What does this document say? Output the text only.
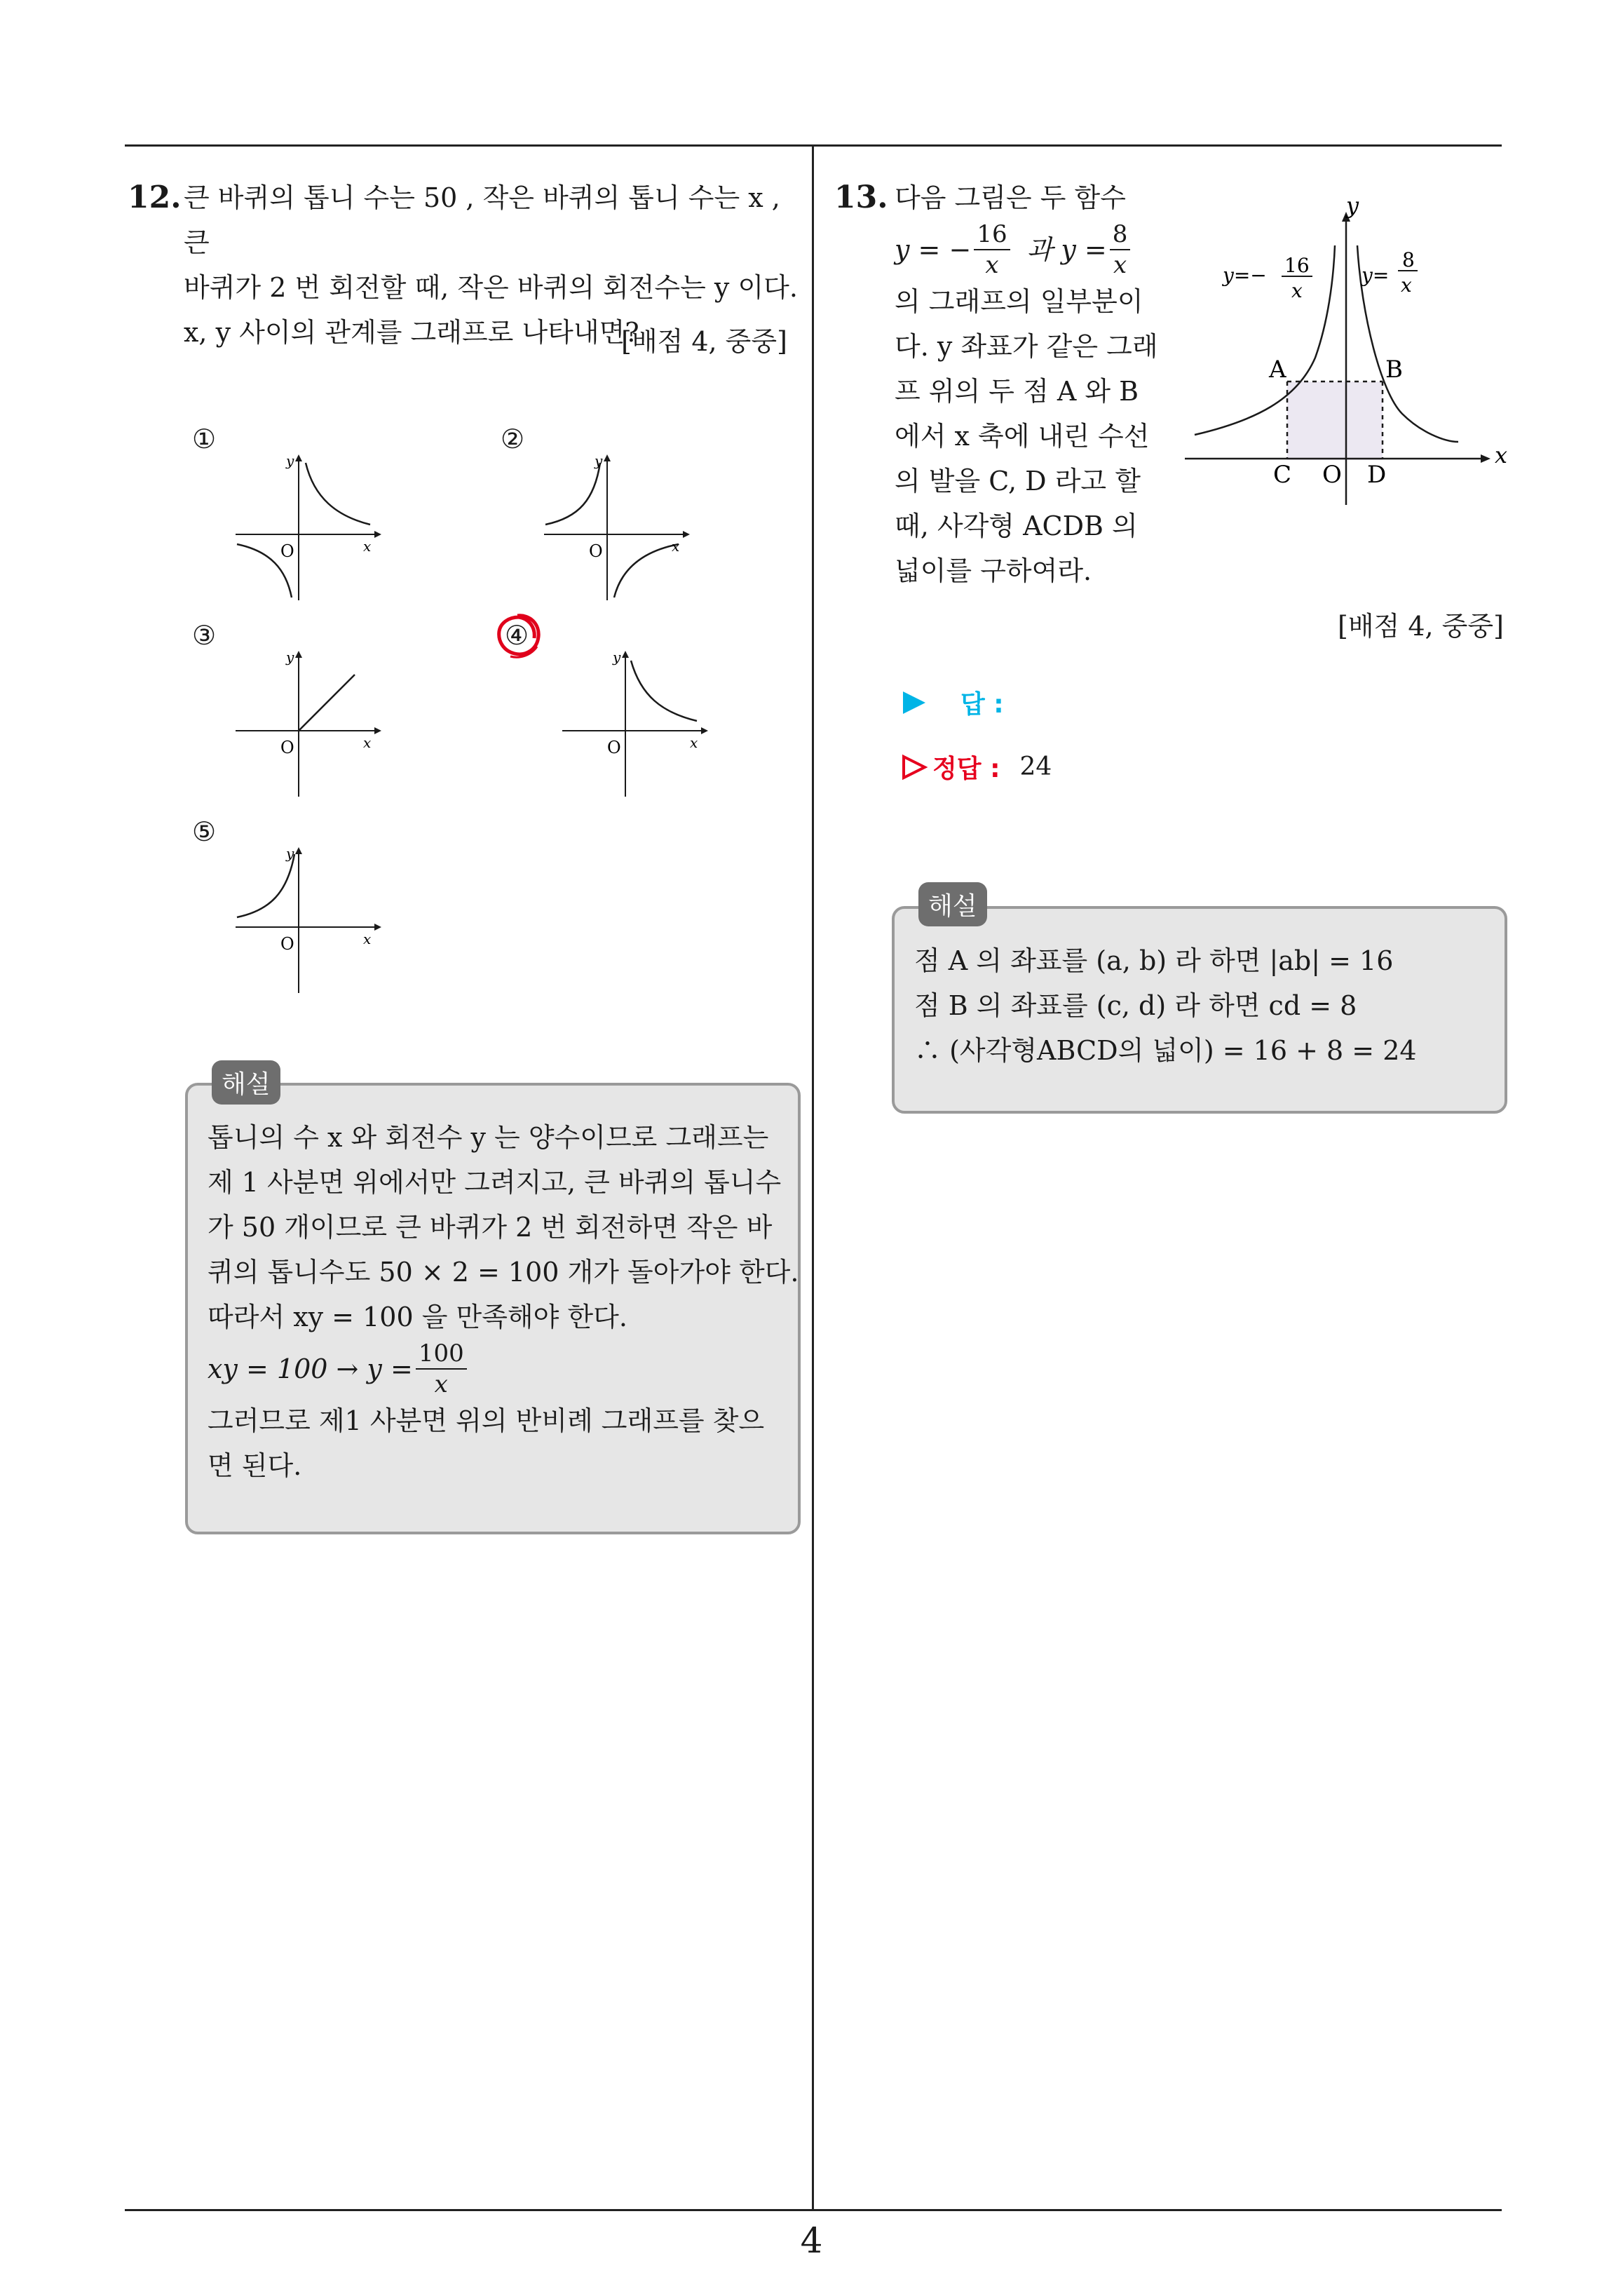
4
12. 큰 바퀴의 톱니 수는 50 , 작은 바퀴의 톱니 수는 x , 큰
바퀴가 2 번 회전할 때, 작은 바퀴의 회전수는 y 이다.
x, y 사이의 관계를 그래프로 나타내면?
[배점 4, 중중]
①	②
③	④
⑤
O	x
y
O	x
y
O	x
y
O	x
y
O	x
y
해설
톱니의 수 x 와 회전수 y 는 양수이므로 그래프는
제 1 사분면 위에서만 그려지고, 큰 바퀴의 톱니수
가 50 개이므로 큰 바퀴가 2 번 회전하면 작은 바
퀴의 톱니수도 50 × 2 = 100 개가 돌아가야 한다.
따라서 xy = 100 을 만족해야 한다.
xy = $100 \to y = \frac{100}{x}$
그러므로 제1 사분면 위의 반비례 그래프를 찾으
면 된다.
13. 다음 그림은 두 함수
y = − $\frac{16}{x}$ 과 $y = \frac{8}{x}$
의 그래프의 일부분이
다. y 좌표가 같은 그래
프 위의 두 점 A 와 B
에서 x 축에 내린 수선
의 발을 C, D 라고 할
때, 사각형 ACDB 의
넓이를 구하여라.
y
x
A	B
C O D
y=− 16
x
y=
8
x
[배점 4, 중중]
답 :
정답 : 24
해설
점 A 의 좌표를 (a, b) 라 하면 |ab| = 16
점 B 의 좌표를 (c, d) 라 하면 cd = 8
∴ (사각형ABCD의 넓이) = 16 + 8 = 24
